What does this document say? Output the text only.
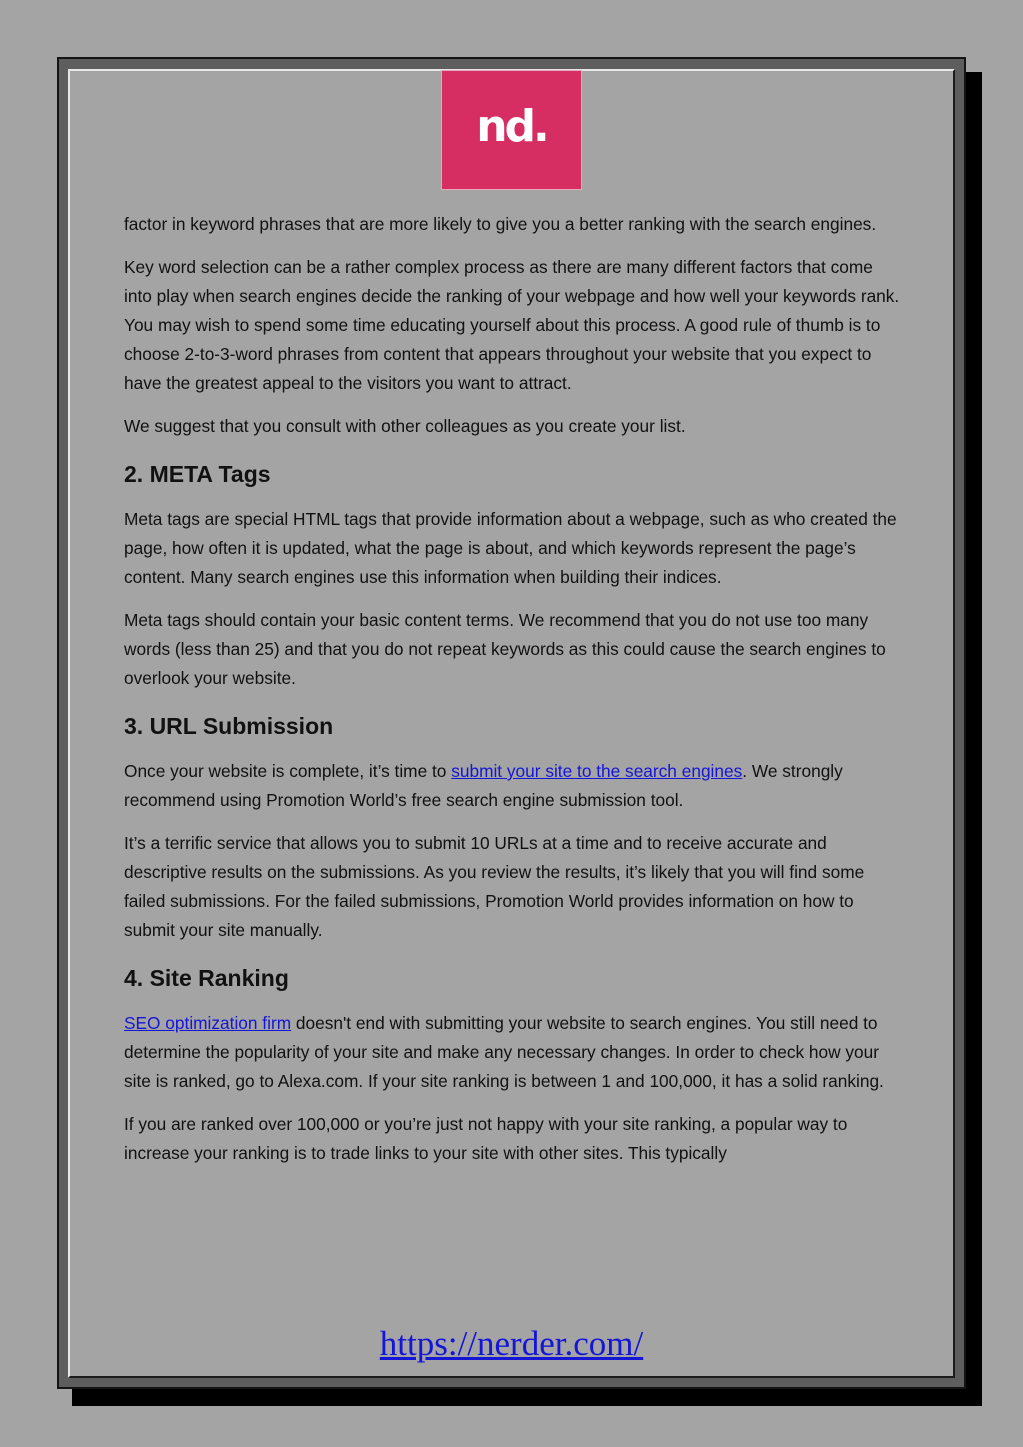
nd.

factor in keyword phrases that are more likely to give you a better ranking with the search engines.

Key word selection can be a rather complex process as there are many different factors that come into play when search engines decide the ranking of your webpage and how well your keywords rank. You may wish to spend some time educating yourself about this process. A good rule of thumb is to choose 2-to-3-word phrases from content that appears throughout your website that you expect to have the greatest appeal to the visitors you want to attract.

We suggest that you consult with other colleagues as you create your list.

2. META Tags

Meta tags are special HTML tags that provide information about a webpage, such as who created the page, how often it is updated, what the page is about, and which keywords represent the page’s content. Many search engines use this information when building their indices.

Meta tags should contain your basic content terms. We recommend that you do not use too many words (less than 25) and that you do not repeat keywords as this could cause the search engines to overlook your website.

3. URL Submission

Once your website is complete, it’s time to submit your site to the search engines. We strongly recommend using Promotion World’s free search engine submission tool.

It’s a terrific service that allows you to submit 10 URLs at a time and to receive accurate and descriptive results on the submissions. As you review the results, it’s likely that you will find some failed submissions. For the failed submissions, Promotion World provides information on how to submit your site manually.

4. Site Ranking

SEO optimization firm doesn't end with submitting your website to search engines. You still need to determine the popularity of your site and make any necessary changes. In order to check how your site is ranked, go to Alexa.com. If your site ranking is between 1 and 100,000, it has a solid ranking.

If you are ranked over 100,000 or you’re just not happy with your site ranking, a popular way to increase your ranking is to trade links to your site with other sites. This typically

https://nerder.com/
